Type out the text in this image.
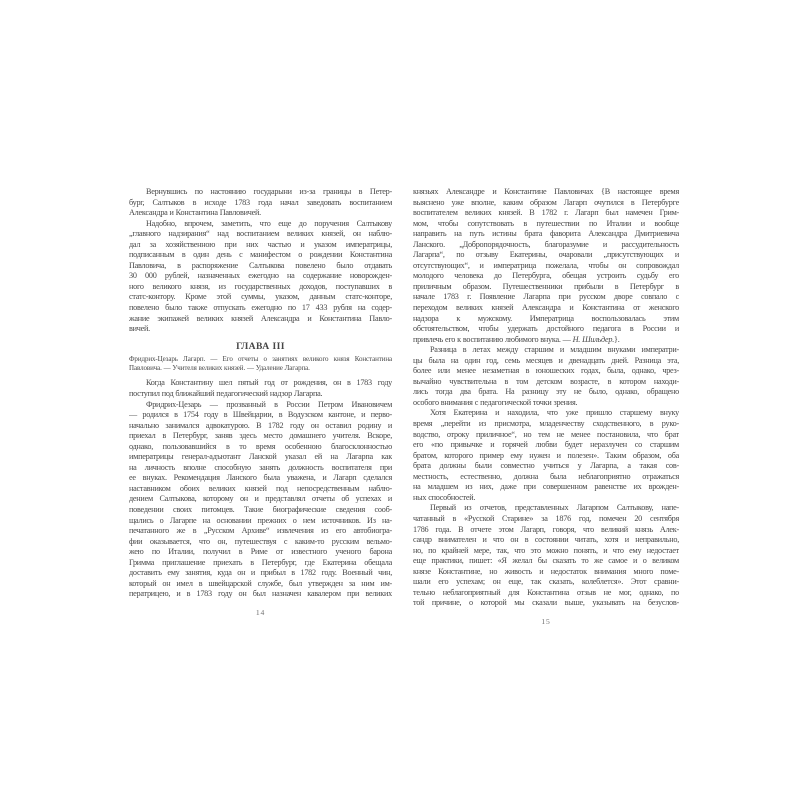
Вернувшись по настоянию государыни из-за границы в Петер-
бург, Салтыков в исходе 1783 года начал заведовать воспитанием
Александра и Константина Павловичей.
Надобно, впрочем, заметить, что еще до поручения Салтыкову
„главного надзирания“ над воспитанием великих князей, он наблю-
дал за хозяйственною при них частью и указом императрицы,
подписанным в один день с манифестом о рождении Константина
Павловича, в распоряжение Салтыкова повелено было отдавать
30 000 рублей, назначенных ежегодно на содержание новорожден-
ного великого князя, из государственных доходов, поступавших в
статс-контору. Кроме этой суммы, указом, данным статс-конторе,
повелено было также отпускать ежегодно по 17 433 рубля на содер-
жание экипажей великих князей Александра и Константина Павло-
вичей.
ГЛАВА III
Фридрих-Цезарь Лагарп. — Его отчеты о занятиях великого князя Константина
Павловича. — Учителя великих князей. — Удаление Лагарпа.
Когда Константину шел пятый год от рождения, он в 1783 году
поступил под ближайший педагогический надзор Лагарпа.
Фридрих-Цезарь — прозванный в России Петром Ивановичем
— родился в 1754 году в Швейцарии, в Водузском кантоне, и перво-
начально занимался адвокатурою. В 1782 году он оставил родину и
приехал в Петербург, заняв здесь место домашнего учителя. Вскоре,
однако, пользовавшийся в то время особенною благосклонностью
императрицы генерал-адъютант Ланской указал ей на Лагарпа как
на личность вполне способную занять должность воспитателя при
ее внуках. Рекомендация Ланского была уважена, и Лагарп сделался
наставником обоих великих князей под непосредственным наблю-
дением Салтыкова, которому он и представлял отчеты об успехах и
поведении своих питомцев. Такие биографические сведения сооб-
щались о Лагарпе на основании прежних о нем источников. Из на-
печатанного же в „Русском Архиве“ извлечения из его автобиогра-
фии оказывается, что он, путешествуя с каким-то русским вельмо-
жею по Италии, получил в Риме от известного ученого барона
Гримма приглашение приехать в Петербург, где Екатерина обещала
доставить ему занятия, куда он и прибыл в 1782 году. Военный чин,
который он имел в швейцарской службе, был утвержден за ним им-
ператрицею, и в 1783 году он был назначен кавалером при великих
14
князьях Александре и Константине Павловичах {В настоящее время
выяснено уже вполне, каким образом Лагарп очутился в Петербурге
воспитателем великих князей. В 1782 г. Лагарп был намечен Грим-
мом, чтобы сопутствовать в путешествии по Италии и вообще
направить на путь истины брата фаворита Александра Дмитриевича
Ланского. „Добропорядочность, благоразумие и рассудительность
Лагарпа“, по отзыву Екатерины, очаровали „присутствующих и
отсутствующих“, и императрица пожелала, чтобы он сопровождал
молодого человека до Петербурга, обещая устроить судьбу его
приличным образом. Путешественники прибыли в Петербург в
начале 1783 г. Появление Лагарпа при русском дворе совпало с
переходом великих князей Александра и Константина от женского
надзора к мужскому. Императрица воспользовалась этим
обстоятельством, чтобы удержать достойного педагога в России и
привлечь его к воспитанию любимого внука. — Н. Шильдер.}.
Разница в летах между старшим и младшим внуками императри-
цы была на один год, семь месяцев и двенадцать дней. Разница эта,
более или менее незаметная в юношеских годах, была, однако, чрез-
вычайно чувствительна в том детском возрасте, в котором находи-
лись тогда два брата. На разницу эту не было, однако, обращено
особого внимания с педагогической точки зрения.
Хотя Екатерина и находила, что уже пришло старшему внуку
время „перейти из присмотра, младенчеству сходственного, в руко-
водство, отроку приличное“, но тем не менее постановила, что брат
его «по привычке и горячей любви будет неразлучен со старшим
братом, которого пример ему нужен и полезен». Таким образом, оба
брата должны были совместно учиться у Лагарпа, а такая сов-
местность, естественно, должна была неблагоприятно отражаться
на младшем из них, даже при совершенном равенстве их врожден-
ных способностей.
Первый из отчетов, представленных Лагарпом Салтыкову, напе-
чатанный в «Русской Старине» за 1876 год, помечен 20 сентября
1786 года. В отчете этом Лагарп, говоря, что великий князь Алек-
сандр внимателен и что он в состоянии читать, хотя и неправильно,
но, по крайней мере, так, что это можно понять, и что ему недостает
еще практики, пишет: «Я желал бы сказать то же самое и о великом
князе Константине, но живость и недостаток внимания много поме-
шали его успехам; он еще, так сказать, колеблется». Этот сравни-
тельно неблагоприятный для Константина отзыв не мог, однако, по
той причине, о которой мы сказали выше, указывать на безуслов-
15
